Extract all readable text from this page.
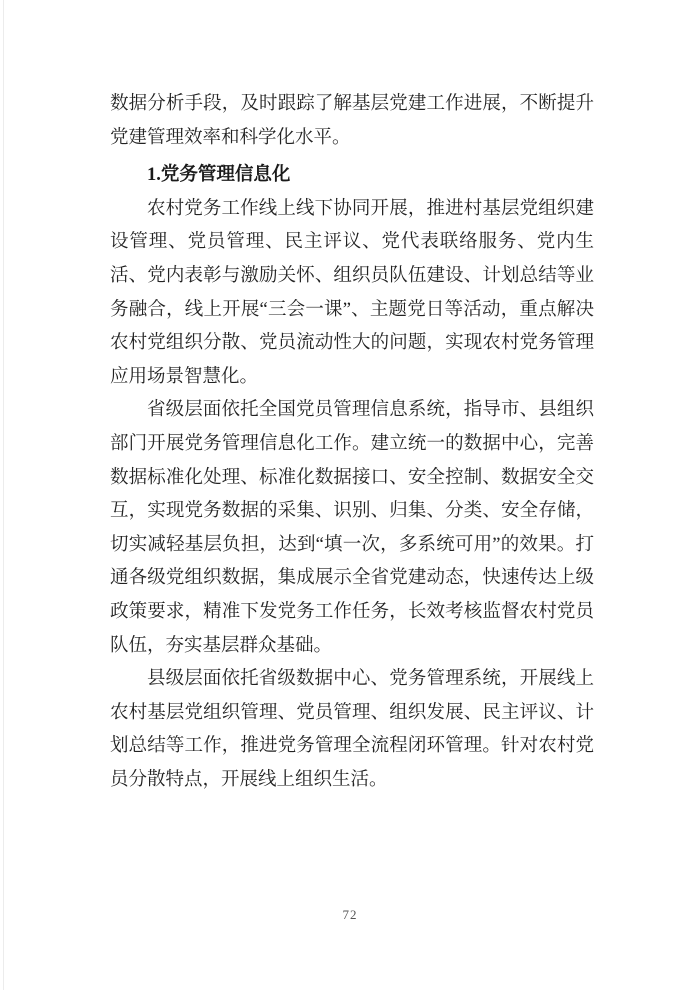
数据分析手段，及时跟踪了解基层党建工作进展，不断提升党建管理效率和科学化水平。

1.党务管理信息化

农村党务工作线上线下协同开展，推进村基层党组织建设管理、党员管理、民主评议、党代表联络服务、党内生活、党内表彰与激励关怀、组织员队伍建设、计划总结等业务融合，线上开展“三会一课”、主题党日等活动，重点解决农村党组织分散、党员流动性大的问题，实现农村党务管理应用场景智慧化。

省级层面依托全国党员管理信息系统，指导市、县组织部门开展党务管理信息化工作。建立统一的数据中心，完善数据标准化处理、标准化数据接口、安全控制、数据安全交互，实现党务数据的采集、识别、归集、分类、安全存储，切实减轻基层负担，达到“填一次，多系统可用”的效果。打通各级党组织数据，集成展示全省党建动态，快速传达上级政策要求，精准下发党务工作任务，长效考核监督农村党员队伍，夯实基层群众基础。

县级层面依托省级数据中心、党务管理系统，开展线上农村基层党组织管理、党员管理、组织发展、民主评议、计划总结等工作，推进党务管理全流程闭环管理。针对农村党员分散特点，开展线上组织生活。

72
